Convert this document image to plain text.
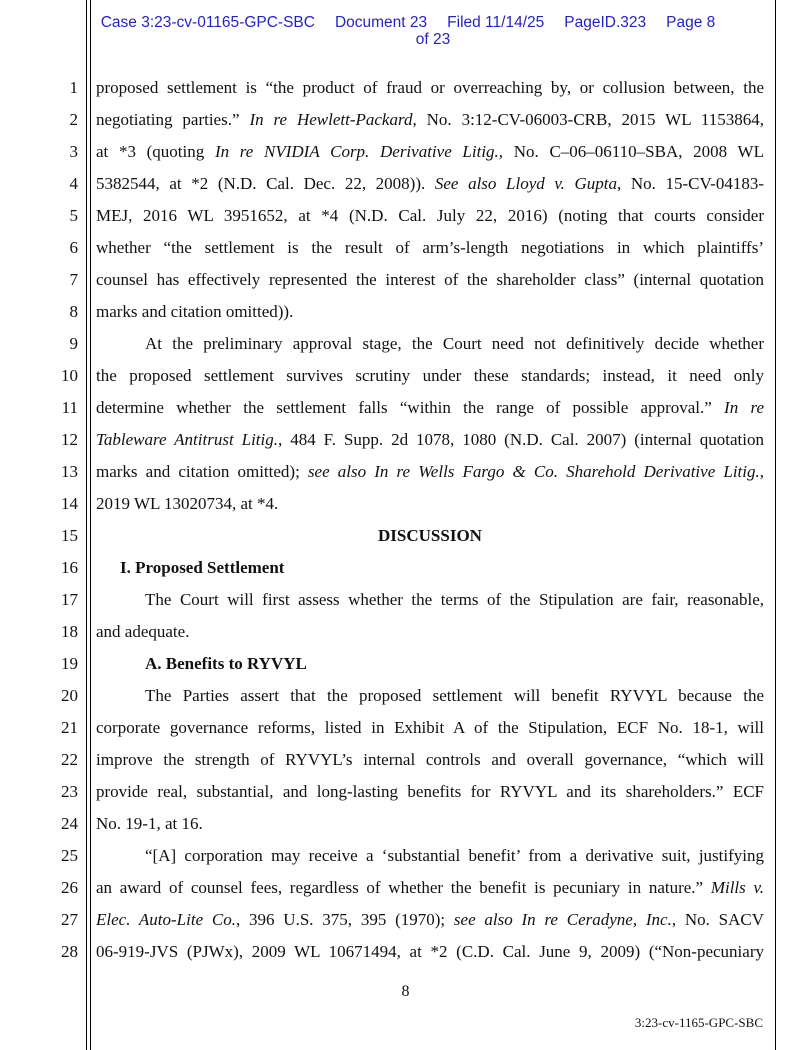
Case 3:23-cv-01165-GPC-SBC Document 23 Filed 11/14/25 PageID.323 Page 8
of 23
1 proposed settlement is “the product of fraud or overreaching by, or collusion between, the
2 negotiating parties.” In re Hewlett-Packard, No. 3:12-CV-06003-CRB, 2015 WL 1153864,
3 at *3 (quoting In re NVIDIA Corp. Derivative Litig., No. C–06–06110–SBA, 2008 WL
4 5382544, at *2 (N.D. Cal. Dec. 22, 2008)). See also Lloyd v. Gupta, No. 15-CV-04183-
5 MEJ, 2016 WL 3951652, at *4 (N.D. Cal. July 22, 2016) (noting that courts consider
6 whether “the settlement is the result of arm’s-length negotiations in which plaintiffs’
7 counsel has effectively represented the interest of the shareholder class” (internal quotation
8 marks and citation omitted)).
9	At the preliminary approval stage, the Court need not definitively decide whether
10 the proposed settlement survives scrutiny under these standards; instead, it need only
11 determine whether the settlement falls “within the range of possible approval.” In re
12 Tableware Antitrust Litig., 484 F. Supp. 2d 1078, 1080 (N.D. Cal. 2007) (internal quotation
13 marks and citation omitted); see also In re Wells Fargo & Co. Sharehold Derivative Litig.,
14 2019 WL 13020734, at *4.
15	DISCUSSION
16 I. Proposed Settlement
17	The Court will first assess whether the terms of the Stipulation are fair, reasonable,
18 and adequate.
19	A. Benefits to RYVYL
20	The Parties assert that the proposed settlement will benefit RYVYL because the
21 corporate governance reforms, listed in Exhibit A of the Stipulation, ECF No. 18-1, will
22 improve the strength of RYVYL’s internal controls and overall governance, “which will
23 provide real, substantial, and long-lasting benefits for RYVYL and its shareholders.” ECF
24 No. 19-1, at 16.
25	“[A] corporation may receive a ‘substantial benefit’ from a derivative suit, justifying
26 an award of counsel fees, regardless of whether the benefit is pecuniary in nature.” Mills v.
27 Elec. Auto-Lite Co., 396 U.S. 375, 395 (1970); see also In re Ceradyne, Inc., No. SACV
28 06-919-JVS (PJWx), 2009 WL 10671494, at *2 (C.D. Cal. June 9, 2009) (“Non-pecuniary
8
3:23-cv-1165-GPC-SBC
